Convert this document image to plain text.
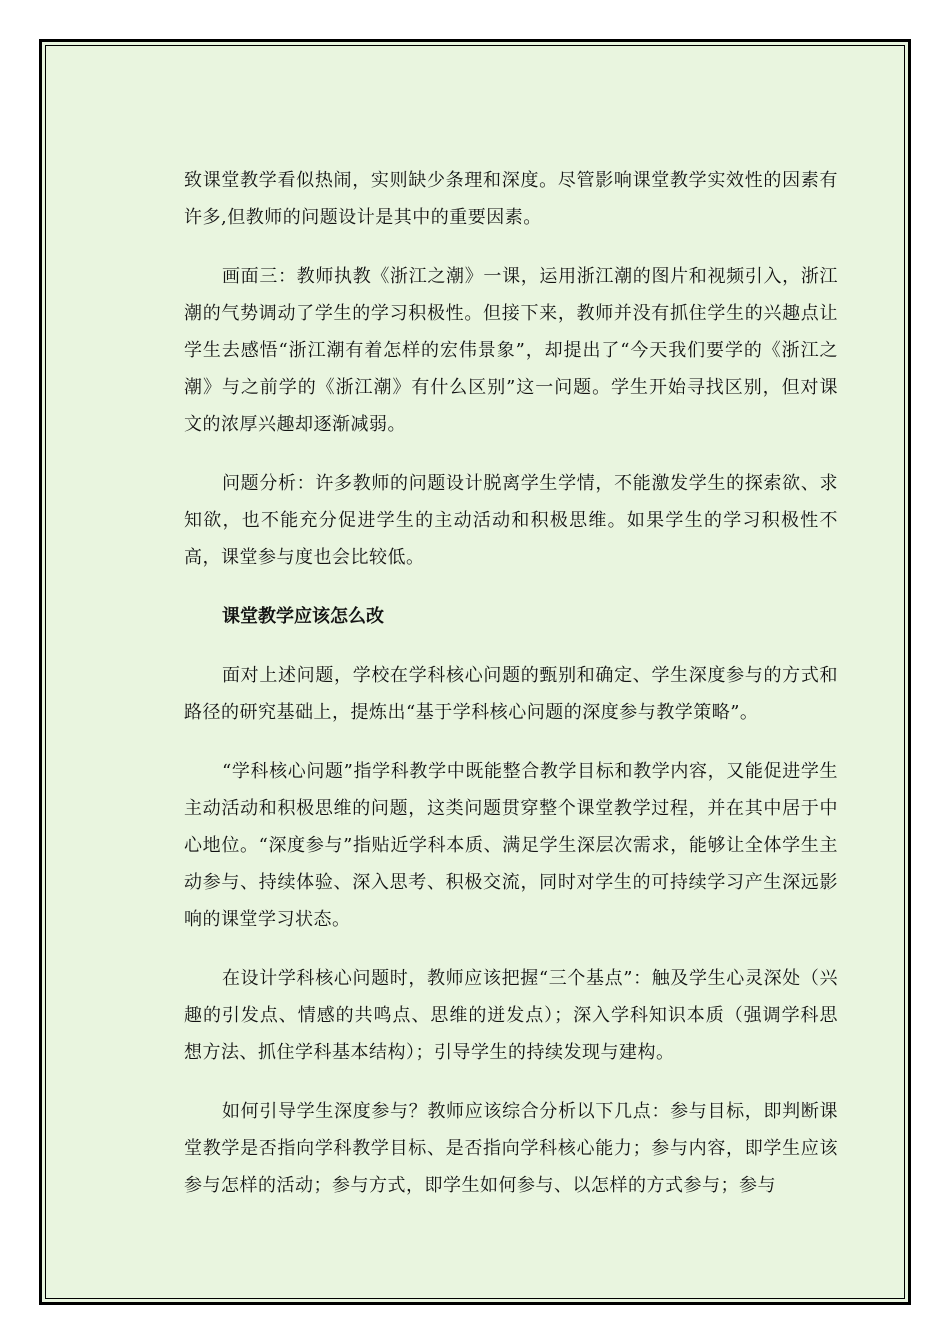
致课堂教学看似热闹，实则缺少条理和深度。尽管影响课堂教学实效性的因素有许多,但教师的问题设计是其中的重要因素。

画面三：教师执教《浙江之潮》一课，运用浙江潮的图片和视频引入，浙江潮的气势调动了学生的学习积极性。但接下来，教师并没有抓住学生的兴趣点让学生去感悟“浙江潮有着怎样的宏伟景象”，却提出了“今天我们要学的《浙江之潮》与之前学的《浙江潮》有什么区别”这一问题。学生开始寻找区别，但对课文的浓厚兴趣却逐渐减弱。

问题分析：许多教师的问题设计脱离学生学情，不能激发学生的探索欲、求知欲，也不能充分促进学生的主动活动和积极思维。如果学生的学习积极性不高，课堂参与度也会比较低。

课堂教学应该怎么改

面对上述问题，学校在学科核心问题的甄别和确定、学生深度参与的方式和路径的研究基础上，提炼出“基于学科核心问题的深度参与教学策略”。

“学科核心问题”指学科教学中既能整合教学目标和教学内容，又能促进学生主动活动和积极思维的问题，这类问题贯穿整个课堂教学过程，并在其中居于中心地位。“深度参与”指贴近学科本质、满足学生深层次需求，能够让全体学生主动参与、持续体验、深入思考、积极交流，同时对学生的可持续学习产生深远影响的课堂学习状态。

在设计学科核心问题时，教师应该把握“三个基点”：触及学生心灵深处（兴趣的引发点、情感的共鸣点、思维的迸发点）；深入学科知识本质（强调学科思想方法、抓住学科基本结构）；引导学生的持续发现与建构。

如何引导学生深度参与？教师应该综合分析以下几点：参与目标，即判断课堂教学是否指向学科教学目标、是否指向学科核心能力；参与内容，即学生应该参与怎样的活动；参与方式，即学生如何参与、以怎样的方式参与；参与
